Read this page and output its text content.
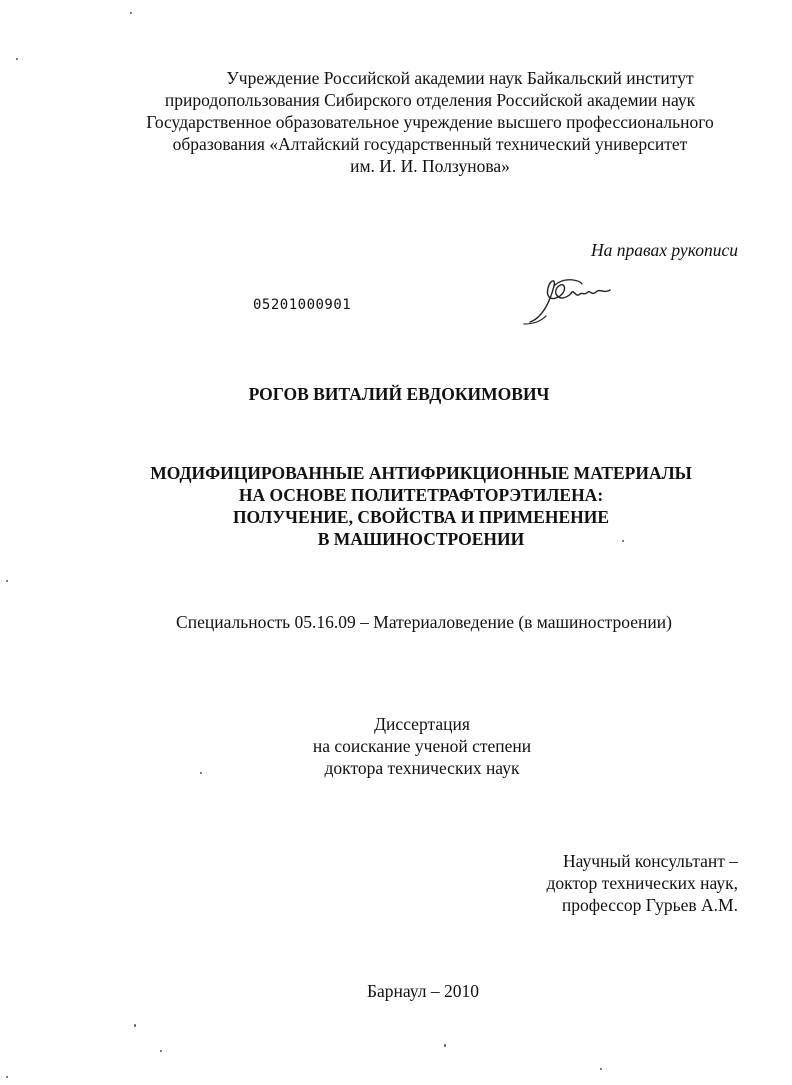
Учреждение Российской академии наук Байкальский институт
природопользования Сибирского отделения Российской академии наук
Государственное образовательное учреждение высшего профессионального
образования «Алтайский государственный технический университет
им. И. И. Ползунова»
На правах рукописи
05201000901
РОГОВ ВИТАЛИЙ ЕВДОКИМОВИЧ
МОДИФИЦИРОВАННЫЕ АНТИФРИКЦИОННЫЕ МАТЕРИАЛЫ
НА ОСНОВЕ ПОЛИТЕТРАФТОРЭТИЛЕНА:
ПОЛУЧЕНИЕ, СВОЙСТВА И ПРИМЕНЕНИЕ
В МАШИНОСТРОЕНИИ
Специальность 05.16.09 – Материаловедение (в машиностроении)
Диссертация
на соискание ученой степени
доктора технических наук
Научный консультант –
доктор технических наук,
профессор Гурьев А.М.
Барнаул – 2010
